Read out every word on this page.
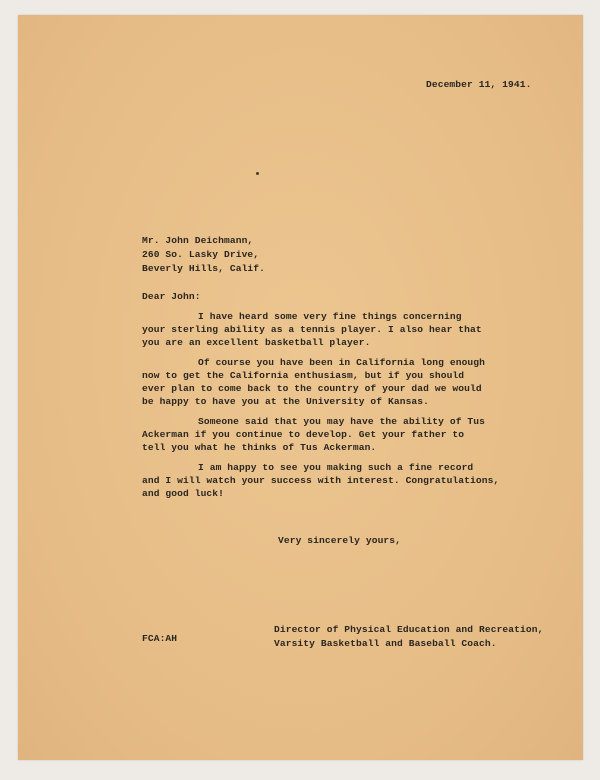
December 11, 1941.

Mr. John Deichmann,

260 So. Lasky Drive,

Beverly Hills, Calif.

Dear John:

I have heard some very fine things concerning

your sterling ability as a tennis player. I also hear that

you are an excellent basketball player.

Of course you have been in California long enough

now to get the California enthusiasm, but if you should

ever plan to come back to the country of your dad we would

be happy to have you at the University of Kansas.

Someone said that you may have the ability of Tus

Ackerman if you continue to develop. Get your father to

tell you what he thinks of Tus Ackerman.

I am happy to see you making such a fine record

and I will watch your success with interest. Congratulations,

and good luck!

Very sincerely yours,

FCA:AH

Director of Physical Education and Recreation,

Varsity Basketball and Baseball Coach.
